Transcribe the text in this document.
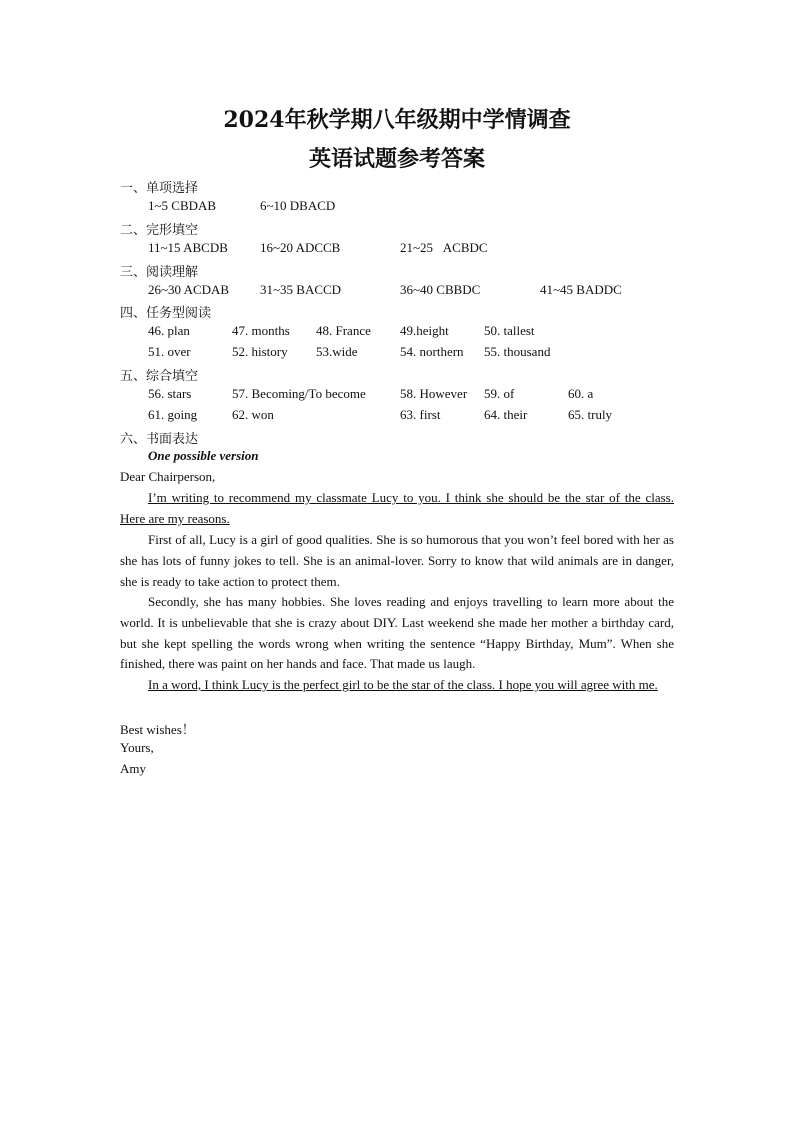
2024年秋学期八年级期中学情调查
英语试题参考答案
一、单项选择
1~5 CBDAB	6~10 DBACD
二、完形填空
11~15 ABCDB 16~20 ADCCB	21~25   ACBDC
三、阅读理解
26~30 ACDAB 31~35 BACCD	36~40 CBBDC	41~45 BADDC
四、任务型阅读
46. plan	47. months 48. France 49.height	50. tallest
51. over	52. history 53.wide	54. northern 55. thousand
五、综合填空
56. stars	57. Becoming/To become	58. However 59. of	60. a
61. going	62. won	63. first	64. their	65. truly
六、书面表达
One possible version
Dear Chairperson,

I’m writing to recommend my classmate Lucy to you. I think she should be the star of the class. Here are my reasons.

First of all, Lucy is a girl of good qualities. She is so humorous that you won’t feel bored with her as she has lots of funny jokes to tell. She is an animal-lover. Sorry to know that wild animals are in danger, she is ready to take action to protect them.

Secondly, she has many hobbies. She loves reading and enjoys travelling to learn more about the world. It is unbelievable that she is crazy about DIY. Last weekend she made her mother a birthday card, but she kept spelling the words wrong when writing the sentence “Happy Birthday, Mum”. When she finished, there was paint on her hands and face. That made us laugh.

In a word, I think Lucy is the perfect girl to be the star of the class. I hope you will agree with me.

Best wishes！
Yours,
Amy
